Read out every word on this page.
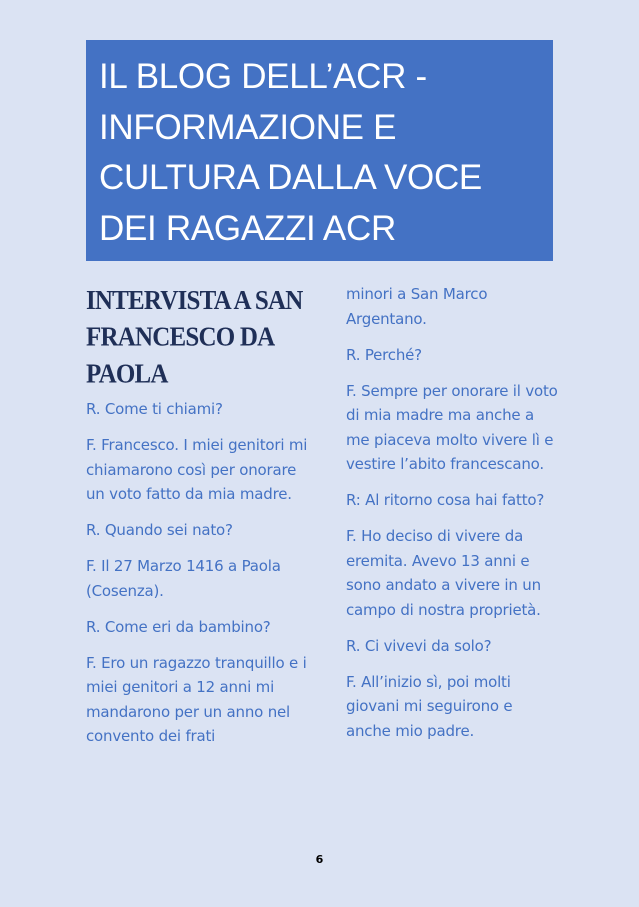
IL BLOG DELL’ACR -
INFORMAZIONE E
CULTURA DALLA VOCE
DEI RAGAZZI ACR
INTERVISTA A SAN FRANCESCO DA PAOLA

R. Come ti chiami?

F. Francesco. I miei genitori mi chiamarono così per onorare un voto fatto da mia madre.

R. Quando sei nato?

F. Il 27 Marzo 1416 a Paola (Cosenza).

R. Come eri da bambino?

F. Ero un ragazzo tranquillo e i miei genitori a 12 anni mi mandarono per un anno nel convento dei frati

minori a San Marco Argentano.

R. Perché?

F. Sempre per onorare il voto di mia madre ma anche a me piaceva molto vivere lì e vestire l’abito francescano.

R: Al ritorno cosa hai fatto?

F. Ho deciso di vivere da eremita. Avevo 13 anni e sono andato a vivere in un campo di nostra proprietà.

R. Ci vivevi da solo?

F. All’inizio sì, poi molti giovani mi seguirono e anche mio padre.

6
